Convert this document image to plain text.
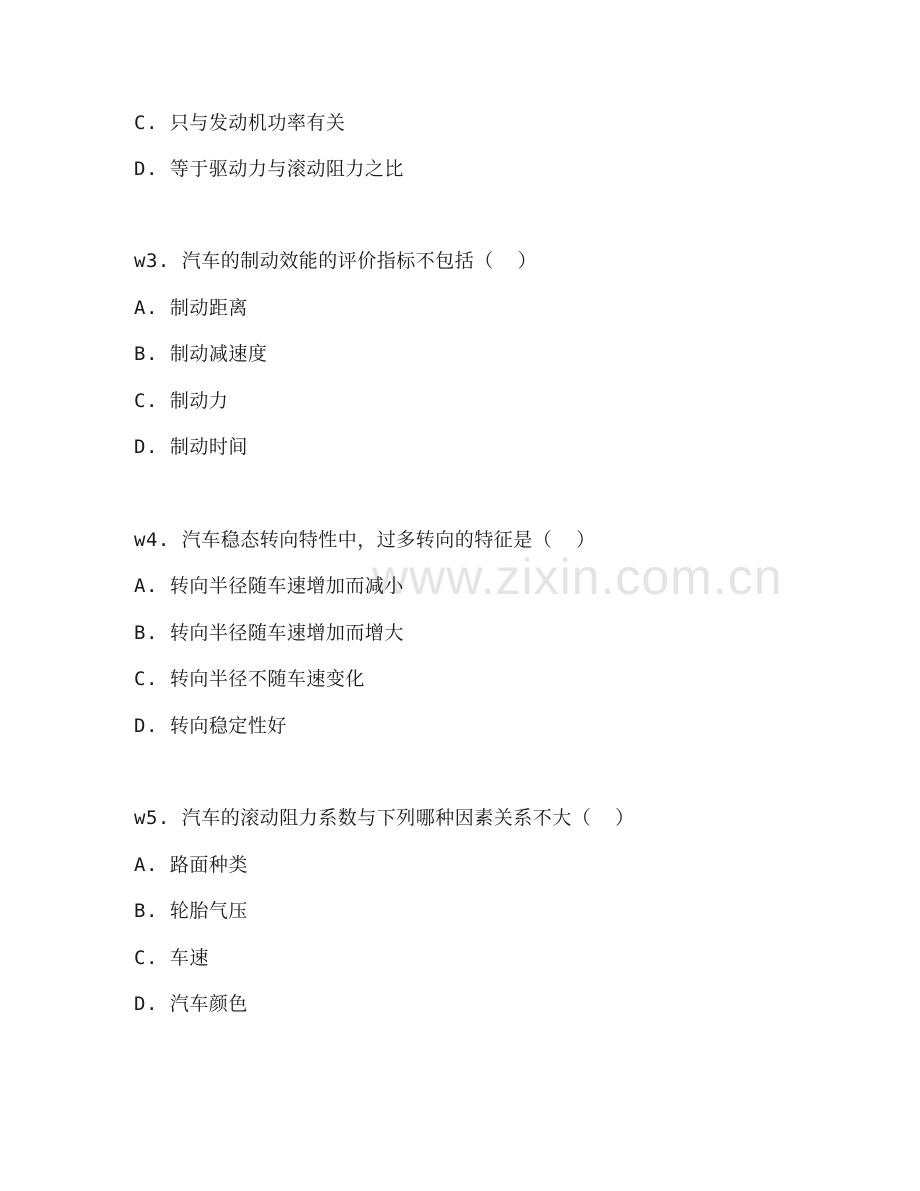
www.zixin.com.cn
C. 只与发动机功率有关
D. 等于驱动力与滚动阻力之比
w3. 汽车的制动效能的评价指标不包括（  ）
A. 制动距离
B. 制动减速度
C. 制动力
D. 制动时间
w4. 汽车稳态转向特性中，过多转向的特征是（  ）
A. 转向半径随车速增加而减小
B. 转向半径随车速增加而增大
C. 转向半径不随车速变化
D. 转向稳定性好
w5. 汽车的滚动阻力系数与下列哪种因素关系不大（  ）
A. 路面种类
B. 轮胎气压
C. 车速
D. 汽车颜色
